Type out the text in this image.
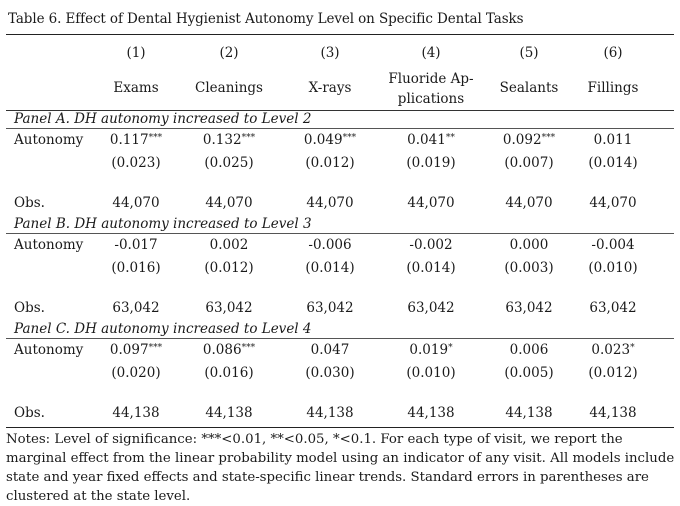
Table 6. Effect of Dental Hygienist Autonomy Level on Specific Dental Tasks
(1)
Exams
(2)
Cleanings
(3)
X-rays
(4)
Fluoride Ap-
plications
(5)
Sealants
(6)
Fillings
Panel A. DH autonomy increased to Level 2
Autonomy
Obs.
0.117***
(0.023)
44,070
0.132***
(0.025)
44,070
0.049***
(0.012)
44,070
0.041**
(0.019)
44,070
0.092***
(0.007)
44,070
0.011
(0.014)
44,070
Panel B. DH autonomy increased to Level 3
Autonomy
Obs.
-0.017
(0.016)
63,042
0.002
(0.012)
63,042
-0.006
(0.014)
63,042
-0.002
(0.014)
63,042
0.000
(0.003)
63,042
-0.004
(0.010)
63,042
Panel C. DH autonomy increased to Level 4
Autonomy
Obs.
0.097***
(0.020)
44,138
0.086***
(0.016)
44,138
0.047
(0.030)
44,138
0.019*
(0.010)
44,138
0.006
(0.005)
44,138
0.023*
(0.012)
44,138
Notes: Level of significance: ***<0.01, **<0.05, *<0.1. For each type of visit, we report the marginal effect from the linear probability model using an indicator of any visit. All models include state and year fixed effects and state-specific linear trends. Standard errors in parentheses are clustered at the state level.
